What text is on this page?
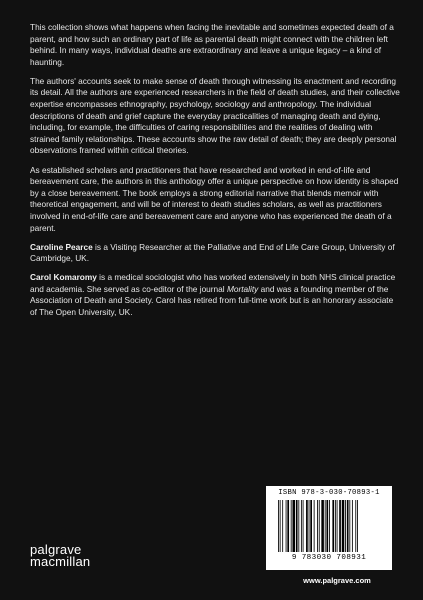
This collection shows what happens when facing the inevitable and sometimes expected death of a parent, and how such an ordinary part of life as parental death might connect with the children left behind. In many ways, individual deaths are extraordinary and leave a unique legacy – a kind of haunting.

The authors' accounts seek to make sense of death through witnessing its enactment and recording its detail. All the authors are experienced researchers in the field of death studies, and their collective expertise encompasses ethnography, psychology, sociology and anthropology. The individual descriptions of death and grief capture the everyday practicalities of managing death and dying, including, for example, the difficulties of caring responsibilities and the realities of dealing with strained family relationships. These accounts show the raw detail of death; they are deeply personal observations framed within critical theories.

As established scholars and practitioners that have researched and worked in end-of-life and bereavement care, the authors in this anthology offer a unique perspective on how identity is shaped by a close bereavement. The book employs a strong editorial narrative that blends memoir with theoretical engagement, and will be of interest to death studies scholars, as well as practitioners involved in end-of-life care and bereavement care and anyone who has experienced the death of a parent.

Caroline Pearce is a Visiting Researcher at the Palliative and End of Life Care Group, University of Cambridge, UK.

Carol Komaromy is a medical sociologist who has worked extensively in both NHS clinical practice and academia. She served as co-editor of the journal Mortality and was a founding member of the Association of Death and Society. Carol has retired from full-time work but is an honorary associate of The Open University, UK.

palgrave
macmillan
ISBN 978-3-030-70893-1
9 783030 708931
www.palgrave.com
